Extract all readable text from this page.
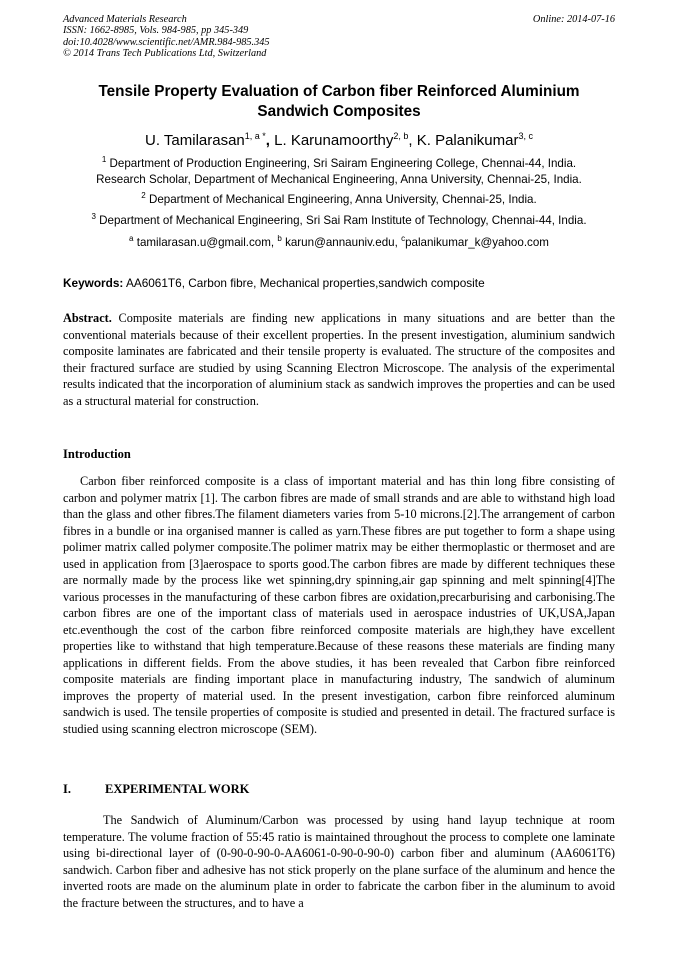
Advanced Materials Research
ISSN: 1662-8985, Vols. 984-985, pp 345-349
doi:10.4028/www.scientific.net/AMR.984-985.345
© 2014 Trans Tech Publications Ltd, Switzerland
Online: 2014-07-16
Tensile Property Evaluation of Carbon fiber Reinforced Aluminium
Sandwich Composites
U. Tamilarasan$^{1, a *}$, L. Karunamoorthy$^{2, b}$, K. Palanikumar$^{3, c}$
$^1$ Department of Production Engineering, Sri Sairam Engineering College, Chennai-44, India.
Research Scholar, Department of Mechanical Engineering, Anna University, Chennai-25, India.
$^2$ Department of Mechanical Engineering, Anna University, Chennai-25, India.
$^3$ Department of Mechanical Engineering, Sri Sai Ram Institute of Technology, Chennai-44, India.
$^a$ tamilarasan.u@gmail.com, $^b$ karun@annauniv.edu, $^c$palanikumar_k@yahoo.com
Keywords: AA6061T6, Carbon fibre, Mechanical properties,sandwich composite
Abstract. Composite materials are finding new applications in many situations and are better than the conventional materials because of their excellent properties. In the present investigation, aluminium sandwich composite laminates are fabricated and their tensile property is evaluated. The structure of the composites and their fractured surface are studied by using Scanning Electron Microscope. The analysis of the experimental results indicated that the incorporation of aluminium stack as sandwich improves the properties and can be used as a structural material for construction.
Introduction
Carbon fiber reinforced composite is a class of important material and has thin long fibre consisting of carbon and polymer matrix [1]. The carbon fibres are made of small strands and are able to withstand high load than the glass and other fibres.The filament diameters varies from 5-10 microns.[2].The arrangement of carbon fibres in a bundle or ina organised manner is called as yarn.These fibres are put together to form a shape using polimer matrix called polymer composite.The polimer matrix may be either thermoplastic or thermoset and are used in application from [3]aerospace to sports good.The carbon fibres are made by different techniques these are normally made by the process like wet spinning,dry spinning,air gap spinning and melt spinning[4]The various processes in the manufacturing of these carbon fibres are oxidation,precarburising and carbonising.The carbon fibres are one of the important class of materials used in aerospace industries of UK,USA,Japan etc.eventhough the cost of the carbon fibre reinforced composite materials are high,they have excellent properties like to withstand that high temperature.Because of these reasons these materials are finding many applications in different fields. From the above studies, it has been revealed that Carbon fibre reinforced composite materials are finding important place in manufacturing industry, The sandwich of aluminum improves the property of material used. In the present investigation, carbon fibre reinforced aluminum sandwich is used. The tensile properties of composite is studied and presented in detail. The fractured surface is studied using scanning electron microscope (SEM).
I.	EXPERIMENTAL WORK
The Sandwich of Aluminum/Carbon was processed by using hand layup technique at room temperature. The volume fraction of 55:45 ratio is maintained throughout the process to complete one laminate using bi-directional layer of (0-90-0-90-0-AA6061-0-90-0-90-0) carbon fiber and aluminum (AA6061T6) sandwich. Carbon fiber and adhesive has not stick properly on the plane surface of the aluminum and hence the inverted roots are made on the aluminum plate in order to fabricate the carbon fiber in the aluminum to avoid the fracture between the structures, and to have a
